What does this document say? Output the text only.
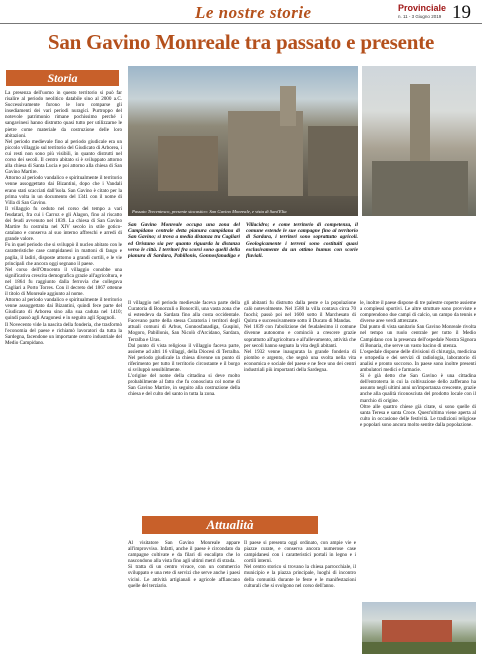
Le nostre storie	Provinciale
n. 11 - 3 Giugno 2019 19
San Gavino Monreale tra passato e presente
Storia

La presenza dell'uomo in questo territorio si può far risalire al periodo neolitico databile sino al 2000 a.C. Successivamente furono le loro comparse gli insediamenti dei vari periodi nuragici. Purtroppo del notevole patrimonio rimane pochissimo perché i sangavinesi hanno distrutto quasi tutto per utilizzarne le pietre come materiale da costruzione delle loro abitazioni.

Nel periodo medievale fino al periodo giudicale era un piccolo villaggio sul territorio del Giudicato di Arborea, i cui resti non sono più visibili, in quanto distrutti nel corso dei secoli. Il centro abitato si è sviluppato attorno alla chiesa di Santa Lucia e poi attorno alla chiesa di San Gavino Martire.

Attorno al periodo vandalico e spiritualmente il territorio venne assoggettato dai Bizantini, dopo che i Vandali erano stati scacciati dall'isola. San Gavino è citato per la prima volta in un documento del 1341 con il nome di Villa di San Gavino.

Il villaggio fu ceduto nel corso del tempo a vari feudatari, fra cui i Carroz e gli Alagon, fino al riscatto dei feudi avvenuto nel 1839. La chiesa di San Gavino Martire fu costruita nel XIV secolo in stile gotico-catalano e conserva al suo interno affreschi e arredi di grande valore.

Fu in quel periodo che si sviluppò il nucleo abitato con le caratteristiche case campidanesi in mattoni di fango e paglia, il ladiri, disposte attorno a grandi cortili, e le vie principali che ancora oggi segnano il paese.

Nel corso dell'Ottocento il villaggio conobbe una significativa crescita demografica grazie all'agricoltura, e nel 1864 fu raggiunto dalla ferrovia che collegava Cagliari a Porto Torres. Con il decreto del 1867 ottenne il titolo di Monreale aggiunto al nome.

Attorno al periodo vandalico e spiritualmente il territorio venne assoggettato dai Bizantini, quindi fece parte del Giudicato di Arborea sino alla sua caduta nel 1410; quindi passò agli Aragonesi e in seguito agli Spagnoli.

Il Novecento vide la nascita della fonderia, che trasformò l'economia del paese e richiamò lavoratori da tutta la Sardegna, facendone un importante centro industriale del Medio Campidano.

Passato Trecentesco, presente stocastico: San Gavino Monreale, e vista di Sant'Elia
San Gavino Monreale occupa una zona del Campidano centrale detta pianura campidana di San Gavino; si trova a media distanza tra Cagliari ed Oristano sia per quanto riguarda la distanza verso le città. I territori fra scorsi sono quelli della pianura di Sardara, Pabillonis, Gonnosfanadiga e Villacidro; e come territorio di competenza, il comune estende le sue campagne fino al territorio di Sardara, i territori sono soprattutto agricoli. Geologicamente i terreni sono costituiti quasi esclusivamente da un ottimo humus con scorie fluviali.

Il villaggio nel periodo medievale faceva parte della Curatoria di Bonorzuli o Bonorcili, una vasta zona che si estendeva da Sardara fino alla costa occidentale. Facevano parte della stessa Curatoria i territori degli attuali comuni di Arbus, Gonnosfanadiga, Guspini, Mogoro, Pabillonis, San Nicolò d'Arcidano, Sardara, Terralba e Uras.

Dal punto di vista religioso il villaggio faceva parte, assieme ad altri 16 villaggi, della Diocesi di Terralba. Nel periodo giudicale la chiesa divenne un punto di riferimento per tutto il territorio circostante e il borgo si sviluppò sensibilmente.

L'origine del nome della cittadina si deve molto probabilmente al fatto che fu conosciuta col nome di San Gavino Martire, in seguito alla costruzione della chiesa e del culto del santo in tutta la zona.

gli abitanti fu distrutto dalla peste e la popolazione calò notevolmente. Nel 1588 la villa contava circa 70 fuochi; passò poi nel 1600 sotto il Marchesato di Quirra e successivamente sotto il Ducato di Mandas.

Nel 1839 con l'abolizione del feudalesimo il comune divenne autonomo e cominciò a crescere grazie soprattutto all'agricoltura e all'allevamento, attività che per secoli hanno segnato la vita degli abitanti.

Nel 1932 venne inaugurata la grande fonderia di piombo e argento, che segnò una svolta nella vita economica e sociale del paese e ne fece uno dei centri industriali più importanti della Sardegna.

le, inoltre il paese dispone di tre palestre coperte assieme a complessi sportivi. Le altre strutture sono provviste e comprendono due campi di calcio, un campo da tennis e diverse aree verdi attrezzate.

Dal punto di vista sanitario San Gavino Monreale rivolta nel tempo un ruolo centrale per tutto il Medio Campidano con la presenza dell'ospedale Nostra Signora di Bonaria, che serve un vasto bacino di utenza.

L'ospedale dispone delle divisioni di chirurgia, medicina e ortopedia e dei servizi di radiologia, laboratorio di analisi e pronto soccorso. In paese sono inoltre presenti ambulatori medici e farmacie.

Si è già detto che San Gavino è una cittadina dell'entroterra in cui la coltivazione dello zafferano ha assunto negli ultimi anni un'importanza crescente, grazie anche alla qualità riconosciuta del prodotto locale con il marchio di origine.

Oltre alle quattro chiese già citate, si sono quelle di santa Teresa e santa Croce. Quest'ultima viene aperta al culto in occasione delle festività. Le tradizioni religiose e popolari sono ancora molto sentite dalla popolazione.

Attualità

Al visitatore San Gavino Monreale appare all'improvviso. Infatti, anche il paese è circondato da campagne coltivate e da filari di eucalipto che lo nascondono alla vista fino agli ultimi metri di strada.

Si tratta di un centro vivace, con un commercio sviluppato e una rete di servizi che serve anche i paesi vicini. Le attività artigianali e agricole affiancano quelle del terziario.

Il paese si presenta oggi ordinato, con ampie vie e piazze curate, e conserva ancora numerose case campidanesi con i caratteristici portali in legno e i cortili interni.

Nel centro storico si trovano la chiesa parrocchiale, il municipio e la piazza principale, luoghi di incontro della comunità durante le feste e le manifestazioni culturali che si svolgono nel corso dell'anno.
